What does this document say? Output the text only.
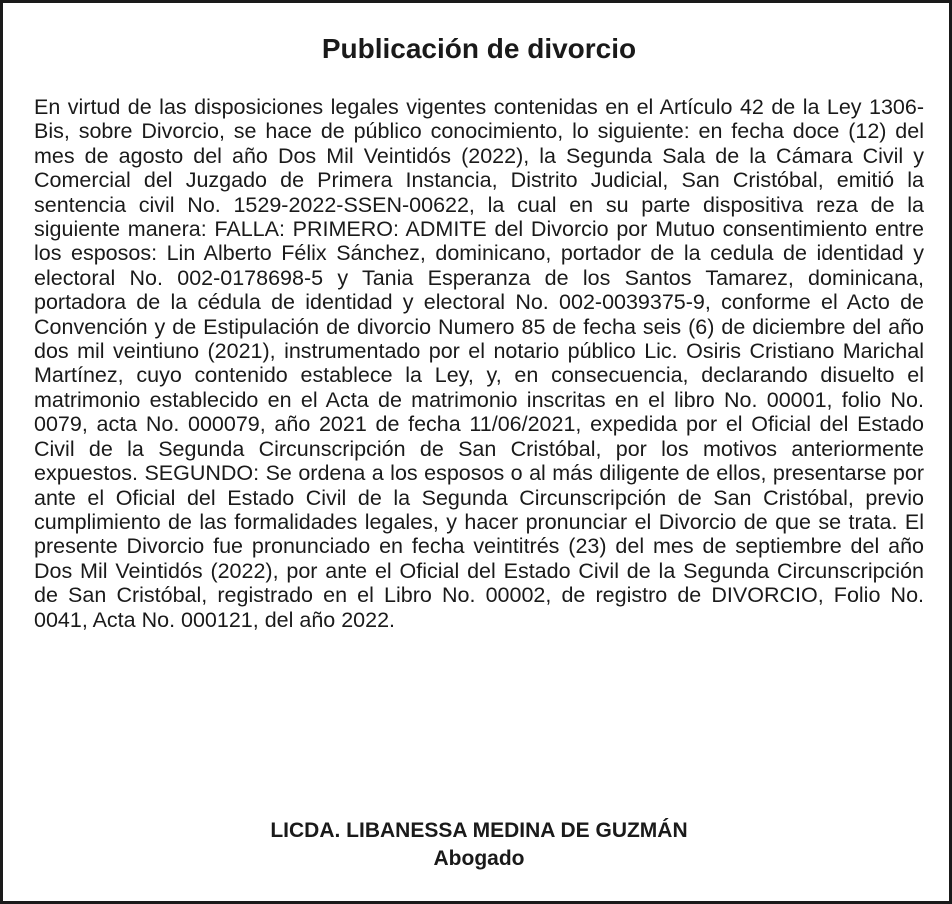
Publicación de divorcio

En virtud de las disposiciones legales vigentes contenidas en el Artículo 42 de la Ley 1306-Bis, sobre Divorcio, se hace de público conocimiento, lo siguiente: en fecha doce (12) del mes de agosto del año Dos Mil Veintidós (2022), la Segunda Sala de la Cámara Civil y Comercial del Juzgado de Primera Instancia, Distrito Judicial, San Cristóbal, emitió la sentencia civil No. 1529-2022-SSEN-00622, la cual en su parte dispositiva reza de la siguiente manera: FALLA: PRIMERO: ADMITE del Divorcio por Mutuo consentimiento entre los esposos: Lin Alberto Félix Sánchez, dominicano, portador de la cedula de identidad y electoral No. 002-0178698-5 y Tania Esperanza de los Santos Tamarez, dominicana, portadora de la cédula de identidad y electoral No. 002-0039375-9, conforme el Acto de Convención y de Estipulación de divorcio Numero 85 de fecha seis (6) de diciembre del año dos mil veintiuno (2021), instrumentado por el notario público Lic. Osiris Cristiano Marichal Martínez, cuyo contenido establece la Ley, y, en consecuencia, declarando disuelto el matrimonio establecido en el Acta de matrimonio inscritas en el libro No. 00001, folio No. 0079, acta No. 000079, año 2021 de fecha 11/06/2021, expedida por el Oficial del Estado Civil de la Segunda Circunscripción de San Cristóbal, por los motivos anteriormente expuestos. SEGUNDO: Se ordena a los esposos o al más diligente de ellos, presentarse por ante el Oficial del Estado Civil de la Segunda Circunscripción de San Cristóbal, previo cumplimiento de las formalidades legales, y hacer pronunciar el Divorcio de que se trata. El presente Divorcio fue pronunciado en fecha veintitrés (23) del mes de septiembre del año Dos Mil Veintidós (2022), por ante el Oficial del Estado Civil de la Segunda Circunscripción de San Cristóbal, registrado en el Libro No. 00002, de registro de DIVORCIO, Folio No. 0041, Acta No. 000121, del año 2022.

LICDA. LIBANESSA MEDINA DE GUZMÁN
Abogado
